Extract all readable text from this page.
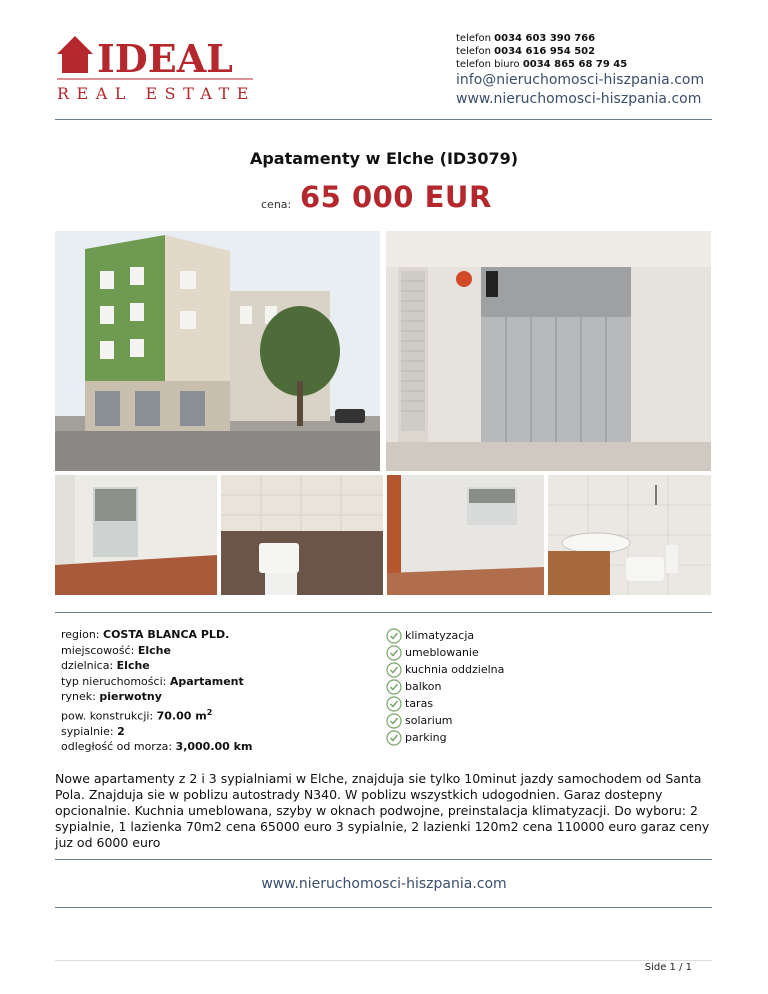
IDEAL
REAL ESTATE
telefon 0034 603 390 766
telefon 0034 616 954 502
telefon biuro 0034 865 68 79 45
info@nieruchomosci-hiszpania.com
www.nieruchomosci-hiszpania.com
Apatamenty w Elche (ID3079)
cena: 65 000 EUR
region: COSTA BLANCA PLD.
miejscowość: Elche
dzielnica: Elche
typ nieruchomości: Apartament
rynek: pierwotny
pow. konstrukcji: 70.00 $m^2$
sypialnie: 2
odległość od morza: 3,000.00 km
klimatyzacja
umeblowanie
kuchnia oddzielna
balkon
taras
solarium
parking
Nowe apartamenty z 2 i 3 sypialniami w Elche, znajduja sie tylko 10minut jazdy samochodem od Santa Pola. Znajduja sie w poblizu autostrady N340. W poblizu wszystkich udogodnien. Garaz dostepny opcionalnie. Kuchnia umeblowana, szyby w oknach podwojne, preinstalacja klimatyzacji. Do wyboru: 2 sypialnie, 1 lazienka 70m2 cena 65000 euro 3 sypialnie, 2 lazienki 120m2 cena 110000 euro garaz ceny juz od 6000 euro
www.nieruchomosci-hiszpania.com
Side 1 / 1
